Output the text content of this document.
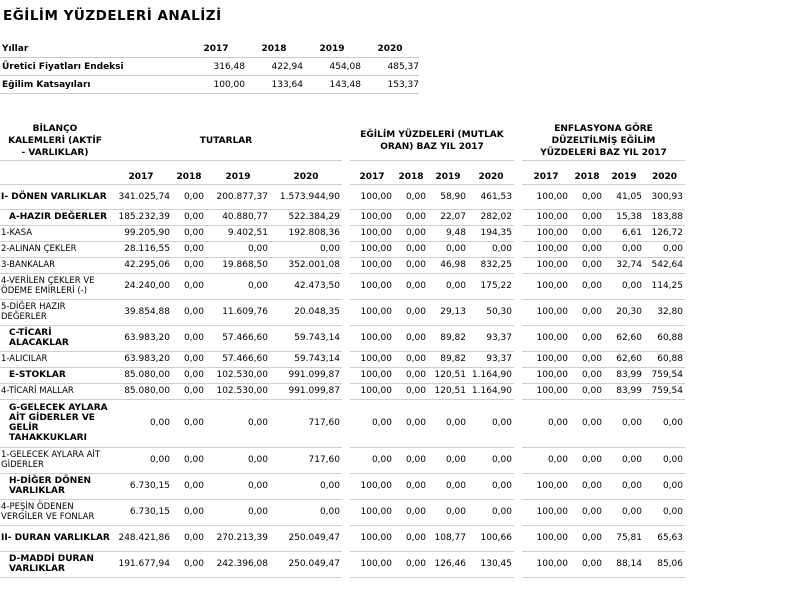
EĞİLİM YÜZDELERİ ANALİZİ
Yıllar	2017	2018	2019	2020
Üretici Fiyatları Endeksi	316,48	422,94	454,08	485,37
Eğilim Katsayıları	100,00	133,64	143,48	153,37
BİLANÇO KALEMLERİ (AKTİF - VARLIKLAR)	TUTARLAR					EĞİLİM YÜZDELERİ (MUTLAK ORAN) BAZ YIL 2017					ENFLASYONA GÖRE DÜZELTİLMİŞ EĞİLİM YÜZDELERİ BAZ YIL 2017			

	2017	2018	2019	2020		2017	2018	2019	2020		2017	2018	2019	2020
I- DÖNEN VARLIKLAR	341.025,74	0,00	200.877,37	1.573.944,90		100,00	0,00	58,90	461,53		100,00	0,00	41,05	300,93
A-HAZIR DEĞERLER	185.232,39	0,00	40.880,77	522.384,29		100,00	0,00	22,07	282,02		100,00	0,00	15,38	183,88
1-KASA	99.205,90	0,00	9.402,51	192.808,36		100,00	0,00	9,48	194,35		100,00	0,00	6,61	126,72
2-ALINAN ÇEKLER	28.116,55	0,00	0,00	0,00		100,00	0,00	0,00	0,00		100,00	0,00	0,00	0,00
3-BANKALAR	42.295,06	0,00	19.868,50	352.001,08		100,00	0,00	46,98	832,25		100,00	0,00	32,74	542,64
4-VERİLEN ÇEKLER VE ÖDEME EMİRLERİ (-)	24.240,00	0,00	0,00	42.473,50		100,00	0,00	0,00	175,22		100,00	0,00	0,00	114,25
5-DİĞER HAZIR DEĞERLER	39.854,88	0,00	11.609,76	20.048,35		100,00	0,00	29,13	50,30		100,00	0,00	20,30	32,80
C-TİCARİ ALACAKLAR	63.983,20	0,00	57.466,60	59.743,14		100,00	0,00	89,82	93,37		100,00	0,00	62,60	60,88
1-ALICILAR	63.983,20	0,00	57.466,60	59.743,14		100,00	0,00	89,82	93,37		100,00	0,00	62,60	60,88
E-STOKLAR	85.080,00	0,00	102.530,00	991.099,87		100,00	0,00	120,51	1.164,90		100,00	0,00	83,99	759,54
4-TİCARİ MALLAR	85.080,00	0,00	102.530,00	991.099,87		100,00	0,00	120,51	1.164,90		100,00	0,00	83,99	759,54
G-GELECEK AYLARA AİT GİDERLER VE GELİR TAHAKKUKLARI	0,00	0,00	0,00	717,60		0,00	0,00	0,00	0,00		0,00	0,00	0,00	0,00
1-GELECEK AYLARA AİT GİDERLER	0,00	0,00	0,00	717,60		0,00	0,00	0,00	0,00		0,00	0,00	0,00	0,00
H-DİĞER DÖNEN VARLIKLAR	6.730,15	0,00	0,00	0,00		100,00	0,00	0,00	0,00		100,00	0,00	0,00	0,00
4-PEŞİN ÖDENEN VERGİLER VE FONLAR	6.730,15	0,00	0,00	0,00		100,00	0,00	0,00	0,00		100,00	0,00	0,00	0,00
II- DURAN VARLIKLAR	248.421,86	0,00	270.213,39	250.049,47		100,00	0,00	108,77	100,66		100,00	0,00	75,81	65,63
D-MADDİ DURAN VARLIKLAR	191.677,94	0,00	242.396,08	250.049,47		100,00	0,00	126,46	130,45		100,00	0,00	88,14	85,06
